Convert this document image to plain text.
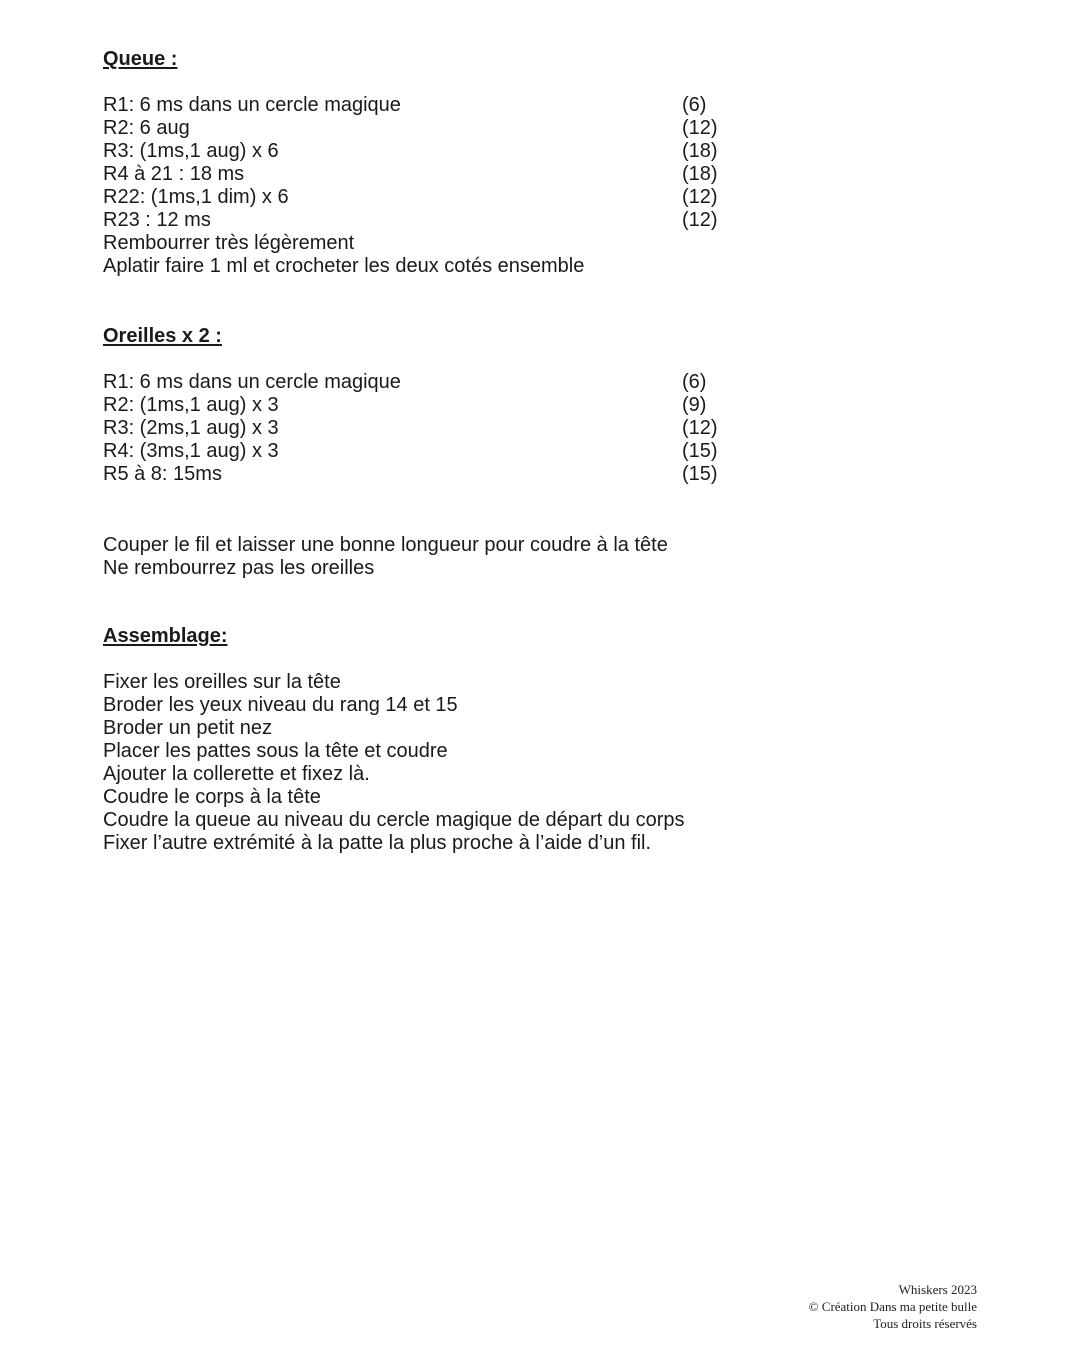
Queue :
R1: 6 ms dans un cercle magique	(6)
R2: 6 aug	(12)
R3: (1ms,1 aug) x 6	(18)
R4 à 21 : 18 ms	(18)
R22: (1ms,1 dim) x 6	(12)
R23 : 12 ms	(12)
Rembourrer très légèrement
Aplatir faire 1 ml et crocheter les deux cotés ensemble
Oreilles x 2 :
R1: 6 ms dans un cercle magique	(6)
R2: (1ms,1 aug) x 3	(9)
R3: (2ms,1 aug) x 3	(12)
R4: (3ms,1 aug) x 3	(15)
R5 à 8: 15ms	(15)
Couper le fil et laisser une bonne longueur pour coudre à la tête
Ne rembourrez pas les oreilles
Assemblage:
Fixer les oreilles sur la tête
Broder les yeux niveau du rang 14 et 15
Broder un petit nez
Placer les pattes sous la tête et coudre
Ajouter la collerette et fixez là.
Coudre le corps à la tête
Coudre la queue au niveau du cercle magique de départ du corps
Fixer l’autre extrémité à la patte la plus proche à l’aide d’un fil.
Whiskers 2023
© Création Dans ma petite bulle
Tous droits réservés
